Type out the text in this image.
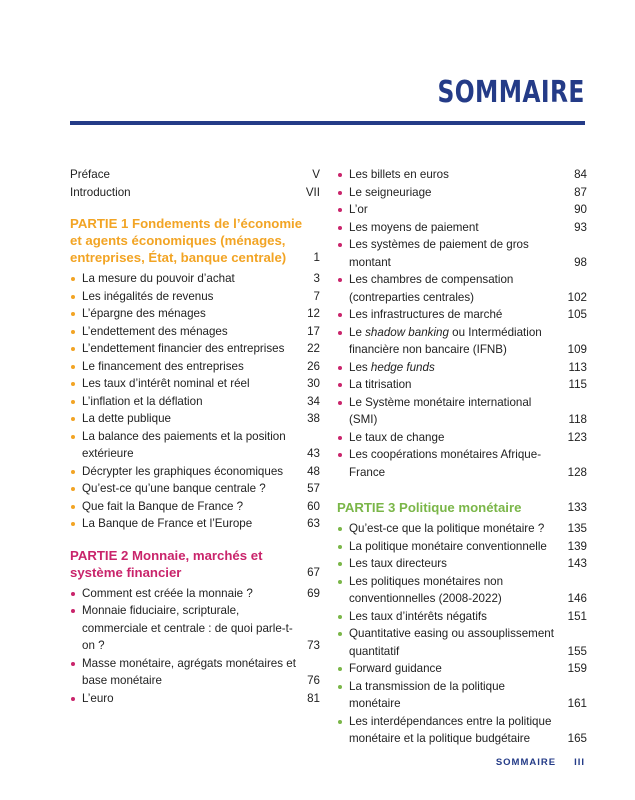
SOMMAIRE
Préface	V
Introduction	VII
PARTIE 1 Fondements de l’économie et agents économiques (ménages, entreprises, État, banque centrale)	1
La mesure du pouvoir d’achat	3
Les inégalités de revenus	7
L’épargne des ménages	12
L’endettement des ménages	17
L’endettement financier des entreprises	22
Le financement des entreprises	26
Les taux d’intérêt nominal et réel	30
L’inflation et la déflation	34
La dette publique	38
La balance des paiements et la position extérieure	43
Décrypter les graphiques économiques	48
Qu’est-ce qu’une banque centrale ?	57
Que fait la Banque de France ?	60
La Banque de France et l’Europe	63
PARTIE 2 Monnaie, marchés et système financier	67
Comment est créée la monnaie ?	69
Monnaie fiduciaire, scripturale, commerciale et centrale : de quoi parle-t-on ?	73
Masse monétaire, agrégats monétaires et base monétaire	76
L’euro	81
Les billets en euros	84
Le seigneuriage	87
L’or	90
Les moyens de paiement	93
Les systèmes de paiement de gros montant	98
Les chambres de compensation (contreparties centrales)	102
Les infrastructures de marché	105
Le shadow banking ou Intermédiation financière non bancaire (IFNB)	109
Les hedge funds	113
La titrisation	115
Le Système monétaire international (SMI)	118
Le taux de change	123
Les coopérations monétaires Afrique-France	128
PARTIE 3 Politique monétaire	133
Qu’est-ce que la politique monétaire ?	135
La politique monétaire conventionnelle	139
Les taux directeurs	143
Les politiques monétaires non conventionnelles (2008-2022)	146
Les taux d’intérêts négatifs	151
Quantitative easing ou assouplissement quantitatif	155
Forward guidance	159
La transmission de la politique monétaire	161
Les interdépendances entre la politique monétaire et la politique budgétaire	165
SOMMAIRE III
